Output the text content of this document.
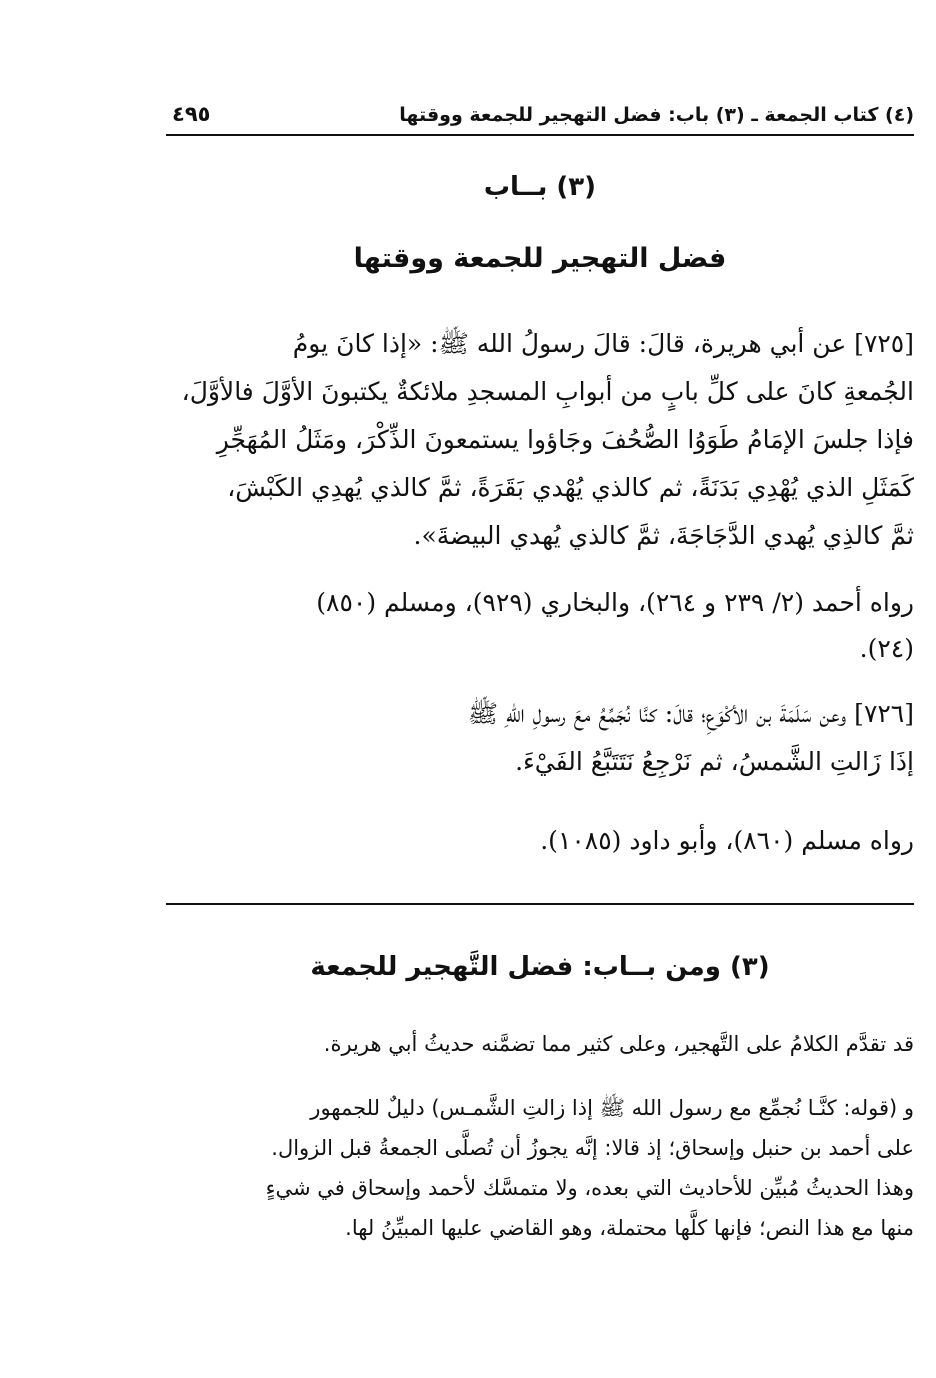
(٤) كتاب الجمعة ـ (٣) باب: فضل التهجير للجمعة ووقتها
٤٩٥
(٣) بــاب
فضل التهجير للجمعة ووقتها
[٧٢٥] عن أبي هريرة، قالَ: قالَ رسولُ الله ﷺ: «إذا كانَ يومُ
الجُمعةِ كانَ على كلِّ بابٍ من أبوابِ المسجدِ ملائكةٌ يكتبونَ الأوَّلَ فالأوَّلَ،
فإذا جلسَ الإمَامُ طَوَوُا الصُّحُفَ وجَاؤوا يستمعونَ الذِّكْرَ، ومَثَلُ المُهَجِّرِ
كَمَثَلِ الذي يُهْدِي بَدَنَةً، ثم كالذي يُهْدي بَقَرَةً، ثمَّ كالذي يُهدِي الكَبْشَ،
ثمَّ كالذِي يُهدي الدَّجَاجَةَ، ثمَّ كالذي يُهدي البيضةَ».
رواه أحمد (٢/ ٢٣٩ و ٢٦٤)، والبخاري (٩٢٩)، ومسلم (٨٥٠)
(٢٤).
[٧٢٦] وعن سَلَمَةَ بن الأكْوَعِ؛ قالَ: كنَّا نُجَمِّعُ معَ رسولِ اللهِ ﷺ
إذَا زَالتِ الشَّمسُ، ثم نَرْجِعُ نَتَتَبَّعُ الفَيْءَ.
رواه مسلم (٨٦٠)، وأبو داود (١٠٨٥).
(٣) ومن بــاب: فضل التَّهجير للجمعة
قد تقدَّم الكلامُ على التَّهجير، وعلى كثير مما تضمَّنه حديثُ أبي هريرة.
و (قوله: كنَّـا نُجمِّع مع رسول الله ﷺ إذا زالتِ الشَّمـس) دليلٌ للجمهور
على أحمد بن حنبل وإسحاق؛ إذ قالا: إنَّه يجوزُ أن تُصلَّى الجمعةُ قبل الزوال.
وهذا الحديثُ مُبيِّن للأحاديث التي بعده، ولا متمسَّك لأحمد وإسحاق في شيءٍ
منها مع هذا النص؛ فإنها كلَّها محتملة، وهو القاضي عليها المبيِّنُ لها.
